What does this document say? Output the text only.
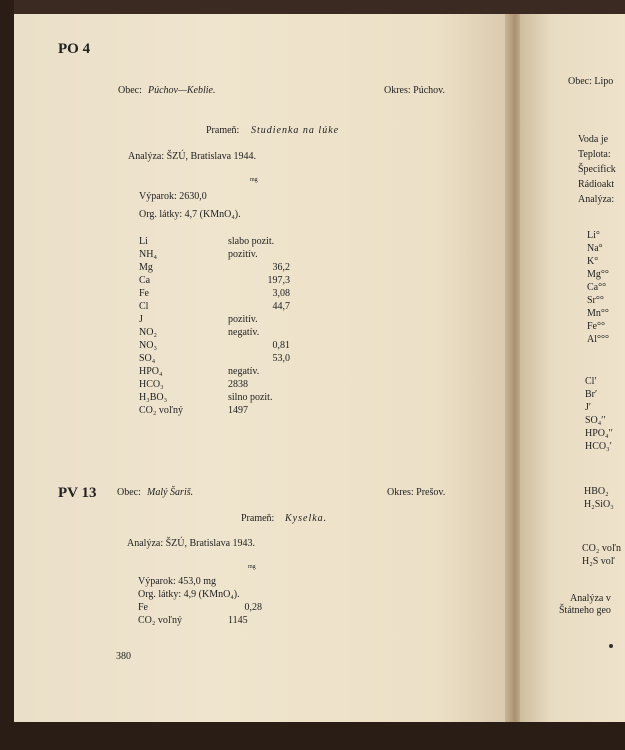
PO 4
Obec: Púchov—Keblie.	Okres: Púchov.
Prameň: Studienka na lúke
Analýza: ŠZÚ, Bratislava 1944.
mg
Výparok: 2630,0
Org. látky: 4,7 (KMnO₄).
Li	slabo pozit.
NH₄	pozitív.
Mg	36,2
Ca	197,3
Fe	3,08
Cl	44,7
J	pozitív.
NO₂	negatív.
NO₃	0,81
SO₄	53,0
HPO₄	negatív.
HCO₃	2838
H₃BO₃	silno pozit.
CO₂ voľný	1497
PV 13 Obec: Malý Šariš.	Okres: Prešov.
Prameň: Kyselka.
Analýza: ŠZÚ, Bratislava 1943.
mg
Výparok: 453,0 mg
Org. látky: 4,9 (KMnO₄).
Fe	0,28
CO₂ voľný	1145
380
Obec: Lipo
Voda je
Teplota:
Špecifick
Rádioakt
Analýza:
Li°
Na°
K°
Mg°°
Ca°°
Sr°°
Mn°°
Fe°°
Al°°°
Cl′
Br′
J′
SO₄′′
HPO₄′′
HCO₃′
HBO₂
H₂SiO₃
CO₂ voľn
H₂S voľ
Analýza v
Štátneho geo
